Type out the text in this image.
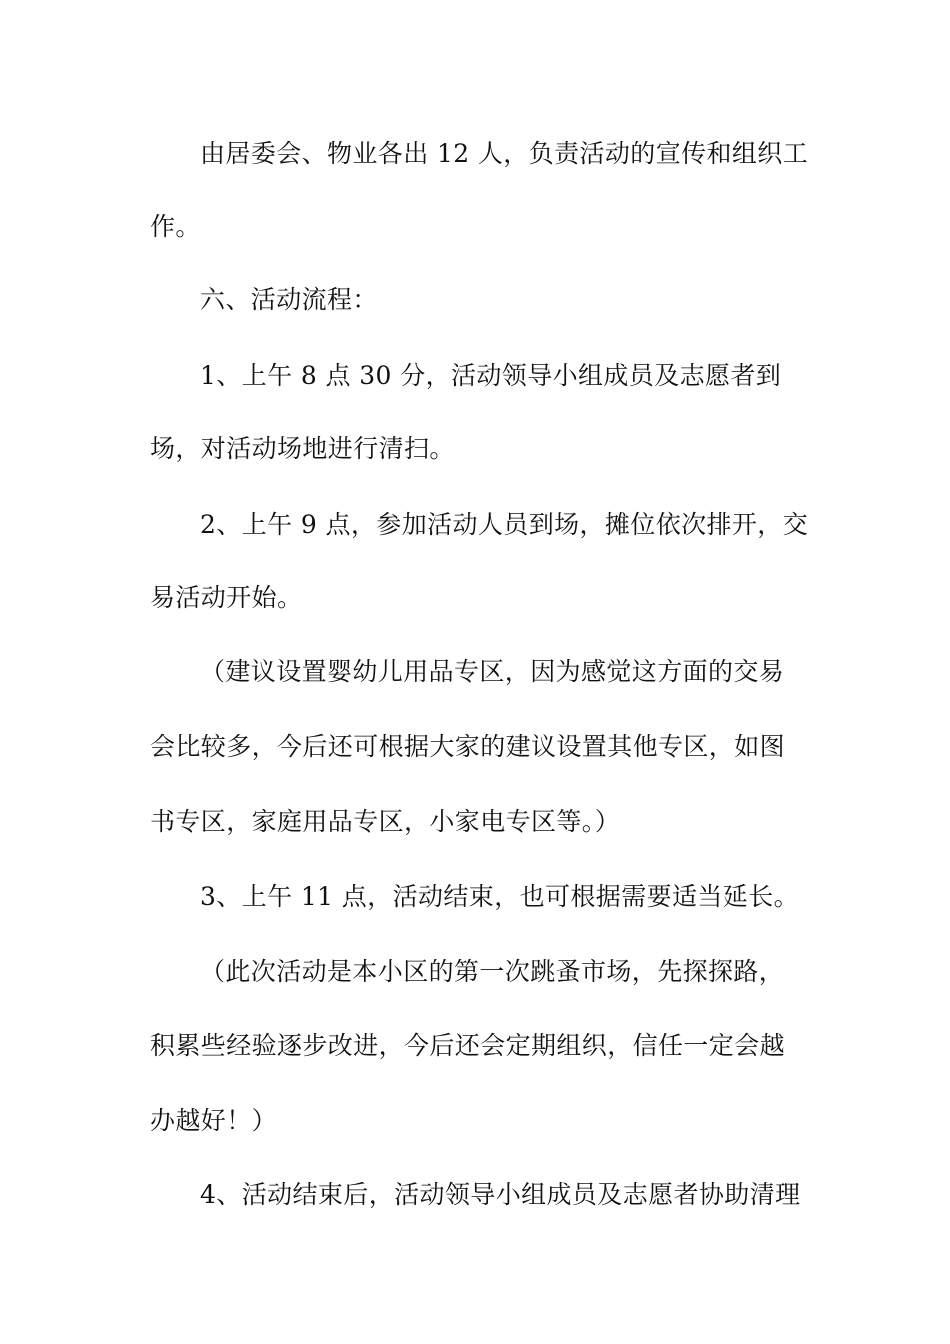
由居委会、物业各出 12 人，负责活动的宣传和组织工
作。
六、活动流程：
1、上午 8 点 30 分，活动领导小组成员及志愿者到
场，对活动场地进行清扫。
2、上午 9 点，参加活动人员到场，摊位依次排开，交
易活动开始。
（建议设置婴幼儿用品专区，因为感觉这方面的交易
会比较多，今后还可根据大家的建议设置其他专区，如图
书专区，家庭用品专区，小家电专区等。）
3、上午 11 点，活动结束，也可根据需要适当延长。
（此次活动是本小区的第一次跳蚤市场，先探探路，
积累些经验逐步改进，今后还会定期组织，信任一定会越
办越好！）
4、活动结束后，活动领导小组成员及志愿者协助清理
